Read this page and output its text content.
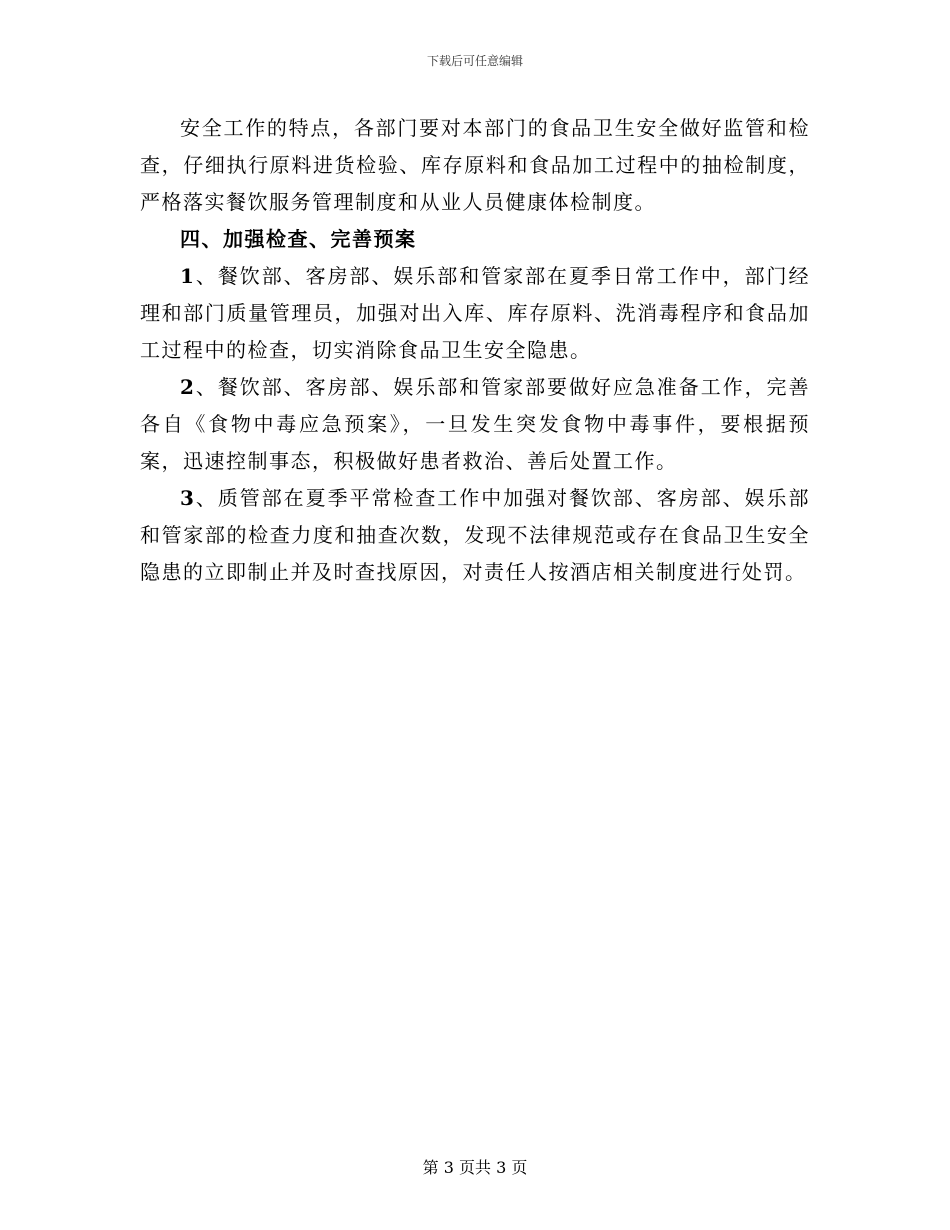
下载后可任意编辑

安全工作的特点，各部门要对本部门的食品卫生安全做好监管和检查，仔细执行原料进货检验、库存原料和食品加工过程中的抽检制度，严格落实餐饮服务管理制度和从业人员健康体检制度。

四、加强检查、完善预案

1、餐饮部、客房部、娱乐部和管家部在夏季日常工作中，部门经理和部门质量管理员，加强对出入库、库存原料、洗消毒程序和食品加工过程中的检查，切实消除食品卫生安全隐患。

2、餐饮部、客房部、娱乐部和管家部要做好应急准备工作，完善各自《食物中毒应急预案》，一旦发生突发食物中毒事件，要根据预案，迅速控制事态，积极做好患者救治、善后处置工作。

3、质管部在夏季平常检查工作中加强对餐饮部、客房部、娱乐部和管家部的检查力度和抽查次数，发现不法律规范或存在食品卫生安全隐患的立即制止并及时查找原因，对责任人按酒店相关制度进行处罚。

第 3 页共 3 页
